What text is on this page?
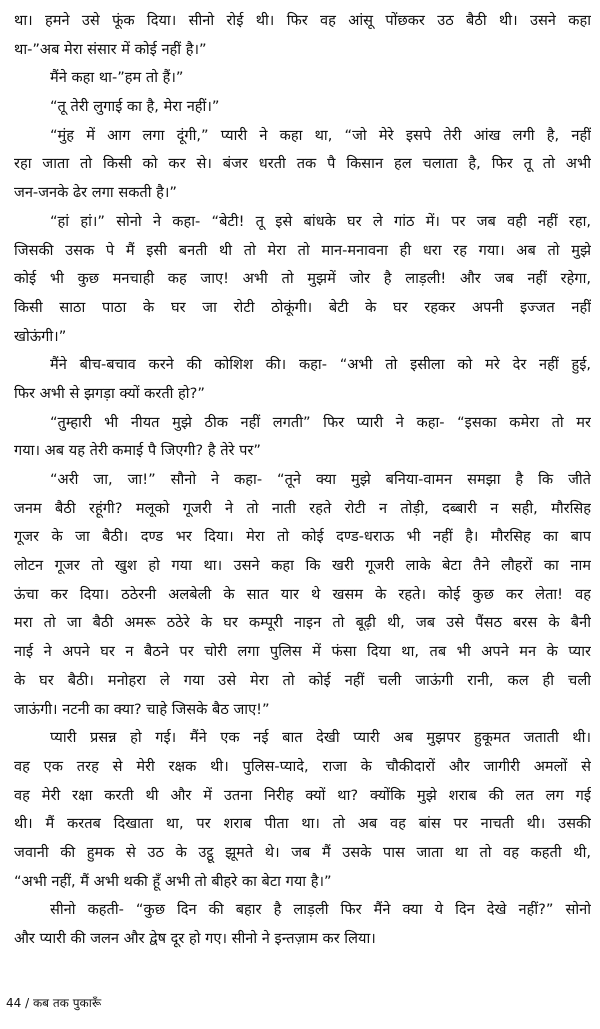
था। हमने उसे फूंक दिया। सीनो रोई थी। फिर वह आंसू पोंछकर उठ बैठी थी। उसने कहा
था-”अब मेरा संसार में कोई नहीं है।”
मैंने कहा था-”हम तो हैं।”
“तू तेरी लुगाई का है, मेरा नहीं।”
“मुंह में आग लगा दूंगी,” प्यारी ने कहा था, “जो मेरे इसपे तेरी आंख लगी है, नहीं
रहा जाता तो किसी को कर से। बंजर धरती तक पै किसान हल चलाता है, फिर तू तो अभी
जन-जनके ढेर लगा सकती है।”
“हां हां।” सोनो ने कहा- “बेटी! तू इसे बांधके घर ले गांठ में। पर जब वही नहीं रहा,
जिसकी उसक पे मैं इसी बनती थी तो मेरा तो मान-मनावना ही धरा रह गया। अब तो मुझे
कोई भी कुछ मनचाही कह जाए! अभी तो मुझमें जोर है लाड़ली! और जब नहीं रहेगा,
किसी साठा पाठा के घर जा रोटी ठोकूंगी। बेटी के घर रहकर अपनी इज्जत नहीं
खोऊंगी।”
मैंने बीच-बचाव करने की कोशिश की। कहा- “अभी तो इसीला को मरे देर नहीं हुई,
फिर अभी से झगड़ा क्यों करती हो?”
“तुम्हारी भी नीयत मुझे ठीक नहीं लगती” फिर प्यारी ने कहा- “इसका कमेरा तो मर
गया। अब यह तेरी कमाई पै जिएगी? है तेरे पर”
“अरी जा, जा!” सौनो ने कहा- “तूने क्या मुझे बनिया-वामन समझा है कि जीते
जनम बैठी रहूंगी? मलूको गूजरी ने तो नाती रहते रोटी न तोड़ी, दब्बारी न सही, मौरसिह
गूजर के जा बैठी। दण्ड भर दिया। मेरा तो कोई दण्ड-धराऊ भी नहीं है। मौरसिह का बाप
लोटन गूजर तो खुश हो गया था। उसने कहा कि खरी गूजरी लाके बेटा तैने लौहरों का नाम
ऊंचा कर दिया। ठठेरनी अलबेली के सात यार थे खसम के रहते। कोई कुछ कर लेता! वह
मरा तो जा बैठी अमरू ठठेरे के घर कम्पूरी नाइन तो बूढ़ी थी, जब उसे पैंसठ बरस के बैनी
नाई ने अपने घर न बैठने पर चोरी लगा पुलिस में फंसा दिया था, तब भी अपने मन के प्यार
के घर बैठी। मनोहरा ले गया उसे मेरा तो कोई नहीं चली जाऊंगी रानी, कल ही चली
जाऊंगी। नटनी का क्या? चाहे जिसके बैठ जाए!”
प्यारी प्रसन्न हो गई। मैंने एक नई बात देखी प्यारी अब मुझपर हुकूमत जताती थी।
वह एक तरह से मेरी रक्षक थी। पुलिस-प्यादे, राजा के चौकीदारों और जागीरी अमलों से
वह मेरी रक्षा करती थी और में उतना निरीह क्यों था? क्योंकि मुझे शराब की लत लग गई
थी। मैं करतब दिखाता था, पर शराब पीता था। तो अब वह बांस पर नाचती थी। उसकी
जवानी की हुमक से उठ के उट्ठू झूमते थे। जब मैं उसके पास जाता था तो वह कहती थी,
“अभी नहीं, मैं अभी थकी हूँ अभी तो बीहरे का बेटा गया है।”
सीनो कहती- “कुछ दिन की बहार है लाड़ली फिर मैंने क्या ये दिन देखे नहीं?” सोनो
और प्यारी की जलन और द्वेष दूर हो गए। सीनो ने इन्तज़ाम कर लिया।
44 / कब तक पुकारूँ
